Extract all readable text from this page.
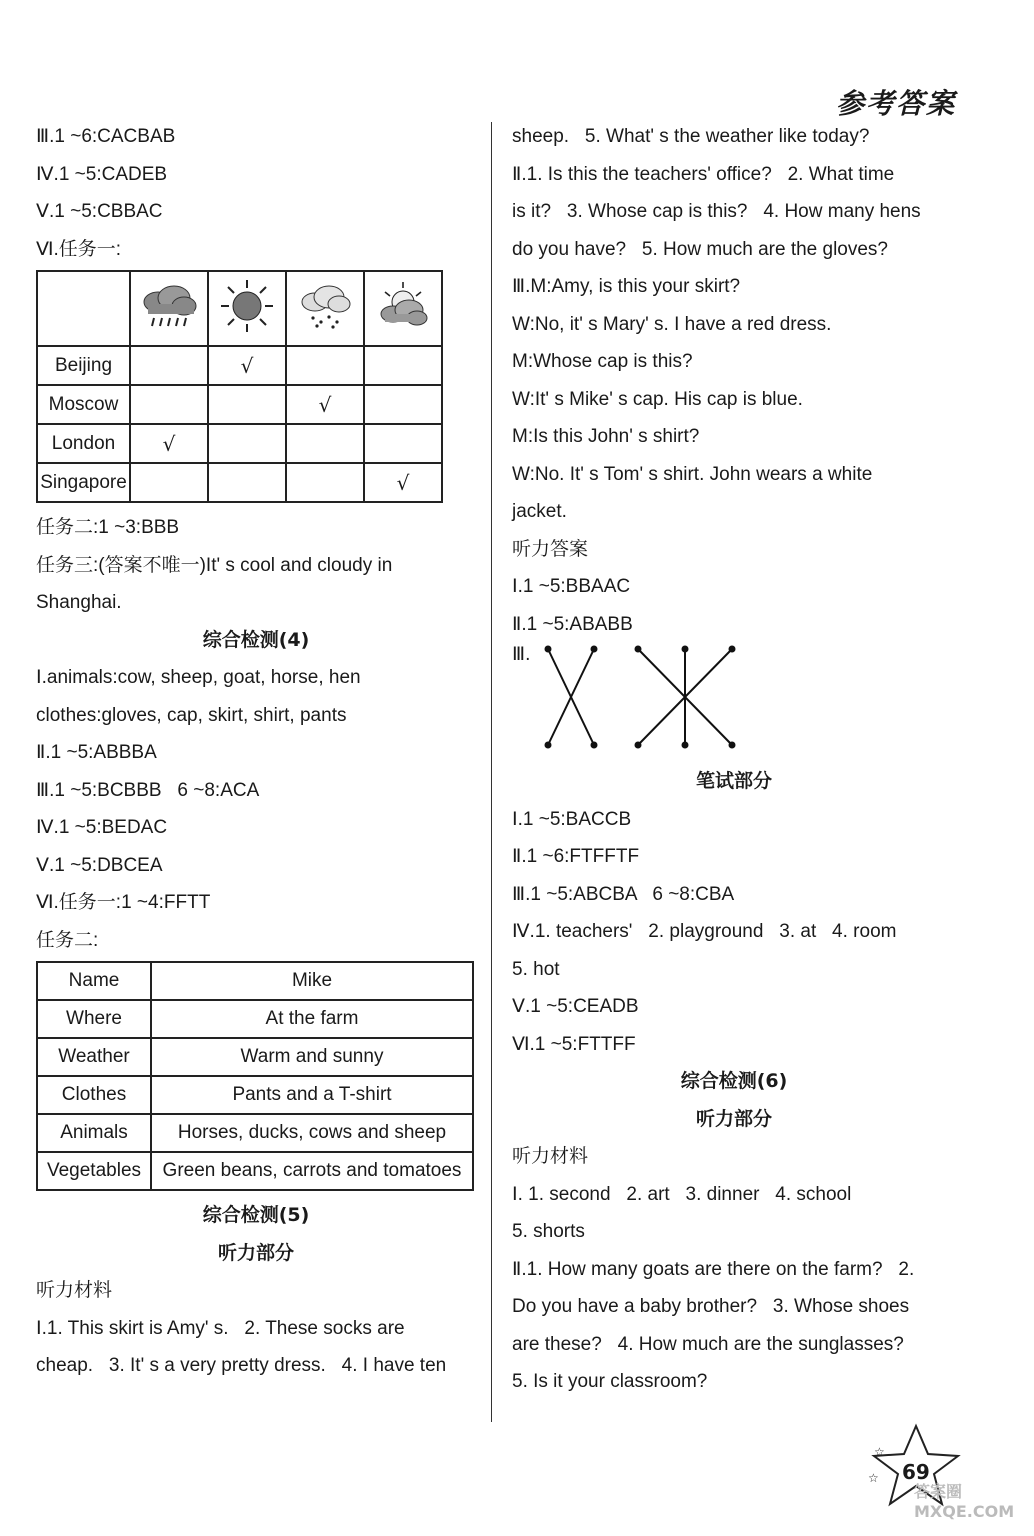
参考答案
Ⅲ.1 ~6:CACBAB
Ⅳ.1 ~5:CADEB
Ⅴ.1 ~5:CBBAC
Ⅵ.任务一:

Beijing		√		
Moscow			√	
London	√			
Singapore				√
任务二:1 ~3:BBB
任务三:(答案不唯一)It' s cool and cloudy in
Shanghai.
综合检测(4)
Ⅰ.animals:cow, sheep, goat, horse, hen
clothes:gloves, cap, skirt, shirt, pants
Ⅱ.1 ~5:ABBBA
Ⅲ.1 ~5:BCBBB   6 ~8:ACA
Ⅳ.1 ~5:BEDAC
Ⅴ.1 ~5:DBCEA
Ⅵ.任务一:1 ~4:FFTT
任务二:
Name	Mike
Where	At the farm
Weather	Warm and sunny
Clothes	Pants and a T-shirt
Animals	Horses, ducks, cows and sheep
Vegetables	Green beans, carrots and tomatoes
综合检测(5)
听力部分
听力材料
Ⅰ.1. This skirt is Amy' s.   2. These socks are
cheap.   3. It' s a very pretty dress.   4. I have ten
sheep.   5. What' s the weather like today?
Ⅱ.1. Is this the teachers' office?   2. What time
is it?   3. Whose cap is this?   4. How many hens
do you have?   5. How much are the gloves?
Ⅲ.M:Amy, is this your skirt?
W:No, it' s Mary' s. I have a red dress.
M:Whose cap is this?
W:It' s Mike' s cap. His cap is blue.
M:Is this John' s shirt?
W:No. It' s Tom' s shirt. John wears a white
jacket.
听力答案
Ⅰ.1 ~5:BBAAC
Ⅱ.1 ~5:ABABB
Ⅲ.
笔试部分
Ⅰ.1 ~5:BACCB
Ⅱ.1 ~6:FTFFTF
Ⅲ.1 ~5:ABCBA   6 ~8:CBA
Ⅳ.1. teachers'   2. playground   3. at   4. room
5. hot
Ⅴ.1 ~5:CEADB
Ⅵ.1 ~5:FTTFF
综合检测(6)
听力部分
听力材料
Ⅰ. 1. second   2. art   3. dinner   4. school
5. shorts
Ⅱ.1. How many goats are there on the farm?   2.
Do you have a baby brother?   3. Whose shoes
are these?   4. How much are the sunglasses?
5. Is it your classroom?
☆
☆ 69
答案圈 MXQE.COM
